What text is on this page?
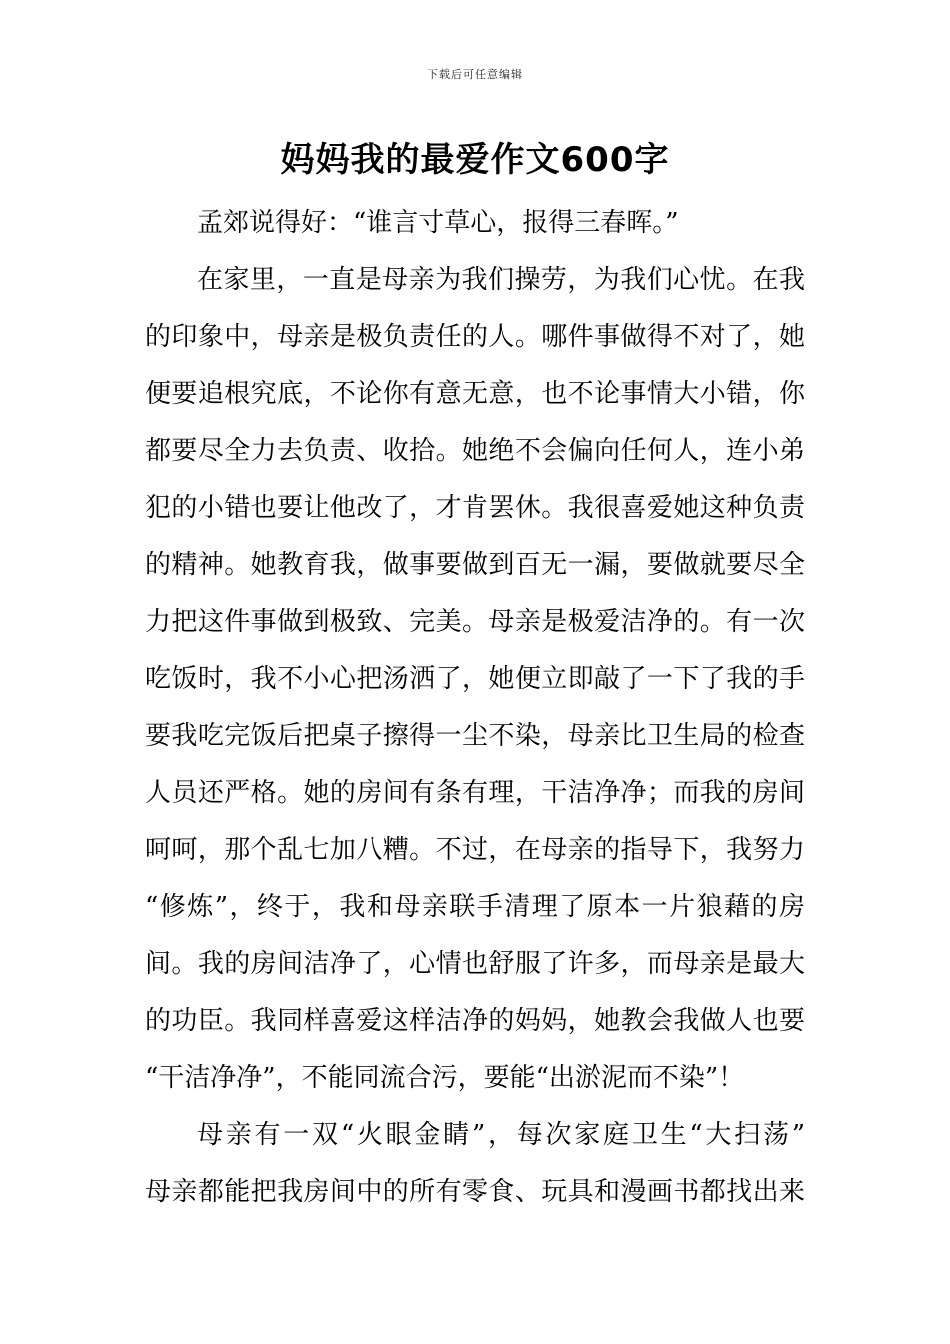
下载后可任意编辑
妈妈我的最爱作文600字
孟郊说得好：“谁言寸草心，报得三春晖。”
在家里，一直是母亲为我们操劳，为我们心忧。在我
的印象中，母亲是极负责任的人。哪件事做得不对了，她
便要追根究底，不论你有意无意，也不论事情大小错，你
都要尽全力去负责、收拾。她绝不会偏向任何人，连小弟
犯的小错也要让他改了，才肯罢休。我很喜爱她这种负责
的精神。她教育我，做事要做到百无一漏，要做就要尽全
力把这件事做到极致、完美。母亲是极爱洁净的。有一次
吃饭时，我不小心把汤洒了，她便立即敲了一下了我的手
要我吃完饭后把桌子擦得一尘不染，母亲比卫生局的检查
人员还严格。她的房间有条有理，干洁净净；而我的房间
呵呵，那个乱七加八糟。不过，在母亲的指导下，我努力
“修炼”，终于，我和母亲联手清理了原本一片狼藉的房
间。我的房间洁净了，心情也舒服了许多，而母亲是最大
的功臣。我同样喜爱这样洁净的妈妈，她教会我做人也要
“干洁净净”，不能同流合污，要能“出淤泥而不染”！
母亲有一双“火眼金睛”，每次家庭卫生“大扫荡”
母亲都能把我房间中的所有零食、玩具和漫画书都找出来
